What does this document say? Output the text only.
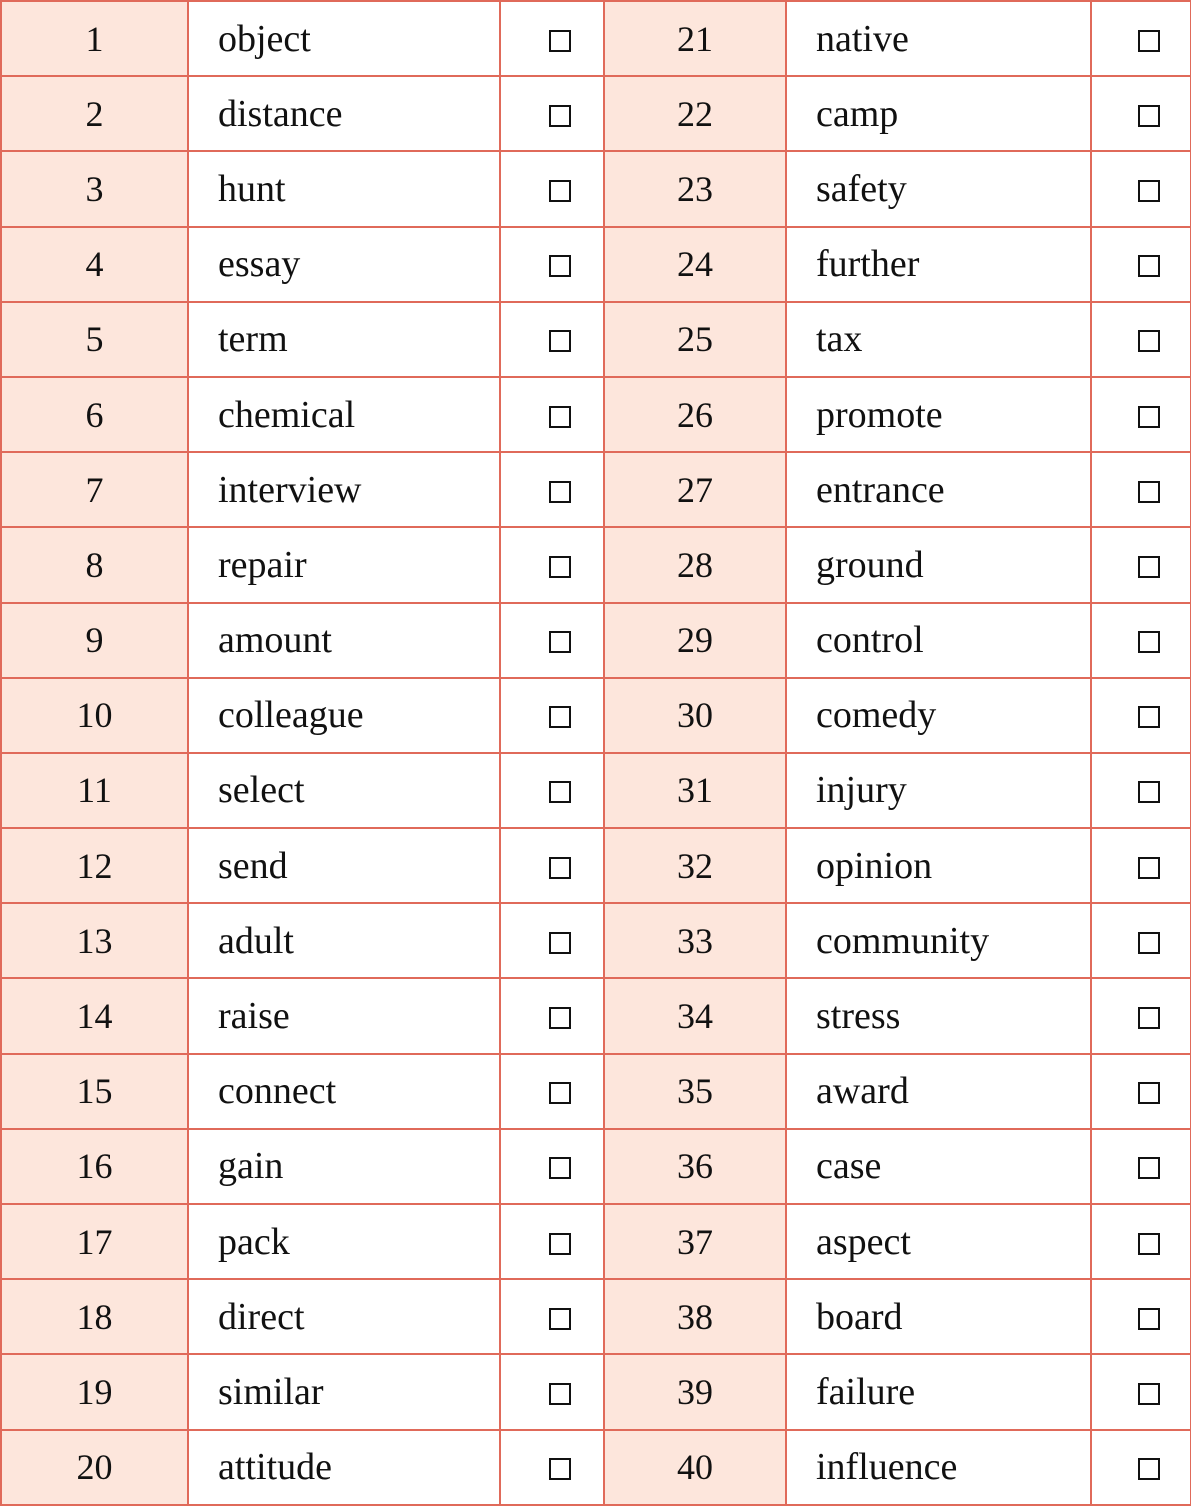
1	object		21	native	
2	distance		22	camp	
3	hunt		23	safety	
4	essay		24	further	
5	term		25	tax	
6	chemical		26	promote	
7	interview		27	entrance	
8	repair		28	ground	
9	amount		29	control	
10	colleague		30	comedy	
11	select		31	injury	
12	send		32	opinion	
13	adult		33	community	
14	raise		34	stress	
15	connect		35	award	
16	gain		36	case	
17	pack		37	aspect	
18	direct		38	board	
19	similar		39	failure	
20	attitude		40	influence	
